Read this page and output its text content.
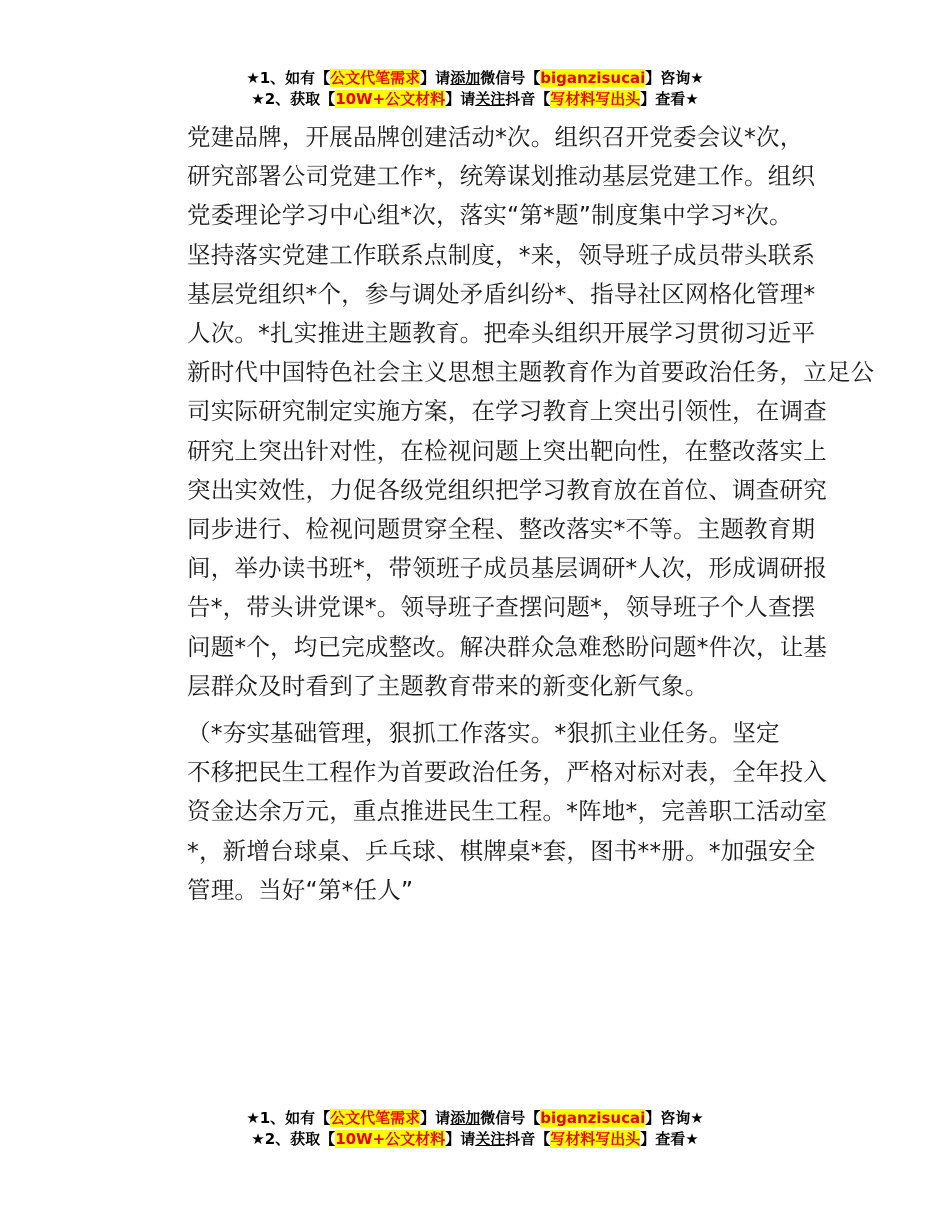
★1、如有【公文代笔需求】请添加微信号【biganzisucai】咨询★
★2、获取【10W+公文材料】请关注抖音【写材料写出头】查看★

党建品牌，开展品牌创建活动*次。组织召开党委会议*次，
研究部署公司党建工作*，统筹谋划推动基层党建工作。组织
党委理论学习中心组*次，落实“第*题”制度集中学习*次。
坚持落实党建工作联系点制度，*来，领导班子成员带头联系
基层党组织*个，参与调处矛盾纠纷*、指导社区网格化管理*
人次。*扎实推进主题教育。把牵头组织开展学习贯彻习近平
新时代中国特色社会主义思想主题教育作为首要政治任务，立足公
司实际研究制定实施方案，在学习教育上突出引领性，在调查
研究上突出针对性，在检视问题上突出靶向性，在整改落实上
突出实效性，力促各级党组织把学习教育放在首位、调查研究
同步进行、检视问题贯穿全程、整改落实*不等。主题教育期
间，举办读书班*，带领班子成员基层调研*人次，形成调研报
告*，带头讲党课*。领导班子查摆问题*，领导班子个人查摆
问题*个，均已完成整改。解决群众急难愁盼问题*件次，让基
层群众及时看到了主题教育带来的新变化新气象。

（*夯实基础管理，狠抓工作落实。*狠抓主业任务。坚定
不移把民生工程作为首要政治任务，严格对标对表，全年投入
资金达余万元，重点推进民生工程。*阵地*，完善职工活动室
*，新增台球桌、乒乓球、棋牌桌*套，图书**册。*加强安全
管理。当好“第*任人”

★1、如有【公文代笔需求】请添加微信号【biganzisucai】咨询★
★2、获取【10W+公文材料】请关注抖音【写材料写出头】查看★
